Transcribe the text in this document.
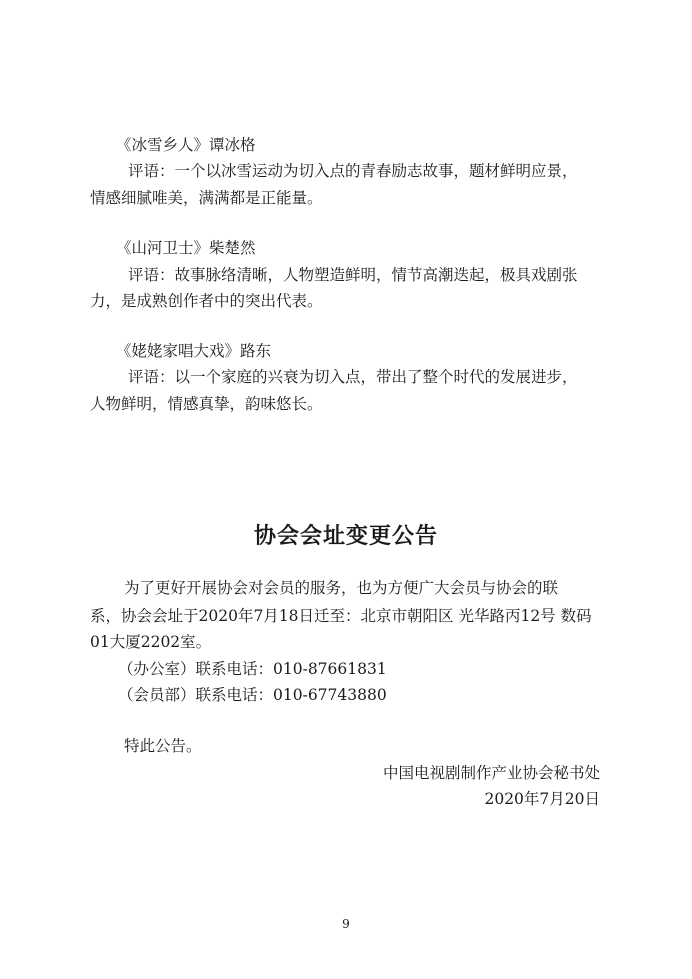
《冰雪乡人》谭冰格
评语：一个以冰雪运动为切入点的青春励志故事，题材鲜明应景，
情感细腻唯美，满满都是正能量。
《山河卫士》柴楚然
评语：故事脉络清晰，人物塑造鲜明，情节高潮迭起，极具戏剧张
力，是成熟创作者中的突出代表。
《姥姥家唱大戏》路东
评语：以一个家庭的兴衰为切入点，带出了整个时代的发展进步，
人物鲜明，情感真挚，韵味悠长。
协会会址变更公告
为了更好开展协会对会员的服务，也为方便广大会员与协会的联
系，协会会址于2020年7月18日迁至：北京市朝阳区 光华路丙12号 数码
01大厦2202室。
（办公室）联系电话：010-87661831
（会员部）联系电话：010-67743880
特此公告。
中国电视剧制作产业协会秘书处
2020年7月20日
9
